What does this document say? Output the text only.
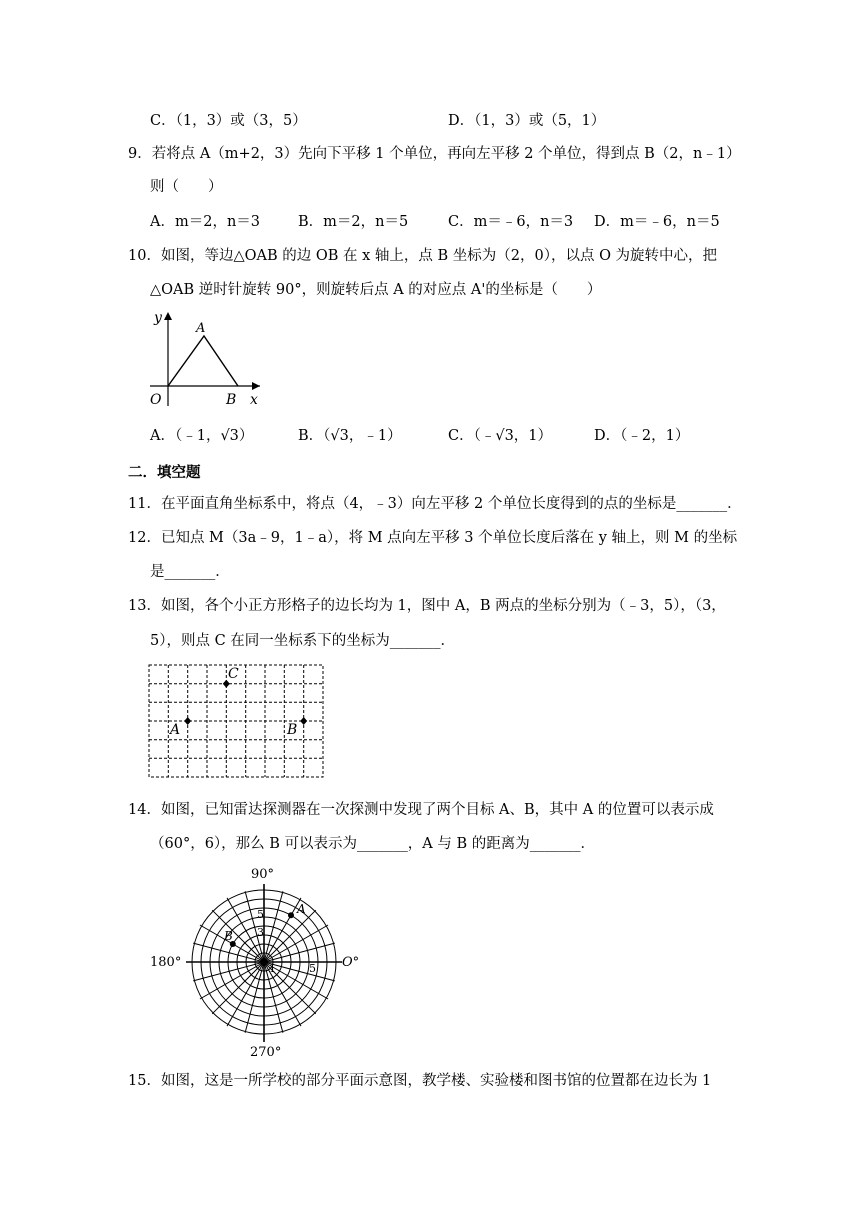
C．（1，3）或（3，5）	D．（1，3）或（5，1）
9．若将点 A（m+2，3）先向下平移 1 个单位，再向左平移 2 个单位，得到点 B（2，n﹣1）
则（　　）
A．m＝2，n＝3	B．m＝2，n＝5	C．m＝﹣6，n＝3 D．m＝﹣6，n＝5
10．如图，等边△OAB 的边 OB 在 x 轴上，点 B 坐标为（2，0），以点 O 为旋转中心，把
△OAB 逆时针旋转 90°，则旋转后点 A 的对应点 A'的坐标是（　　）
y
A
O	B x
A．（﹣1，√3）	B．（√3，﹣1）	C．（﹣√3，1）	D．（﹣2，1）
二．填空题
11．在平面直角坐标系中，将点（4，﹣3）向左平移 2 个单位长度得到的点的坐标是_______．
12．已知点 M（3a﹣9，1﹣a），将 M 点向左平移 3 个单位长度后落在 y 轴上，则 M 的坐标
是_______．
13．如图，各个小正方形格子的边长均为 1，图中 A，B 两点的坐标分别为（﹣3，5），（3，
5），则点 C 在同一坐标系下的坐标为_______．
A	B
C
14．如图，已知雷达探测器在一次探测中发现了两个目标 A、B，其中 A 的位置可以表示成
（60°，6），那么 B 可以表示为_______，A 与 B 的距离为_______．
90°
180°	O°
270°
A
B
5
3
1	5
15．如图，这是一所学校的部分平面示意图，教学楼、实验楼和图书馆的位置都在边长为 1
